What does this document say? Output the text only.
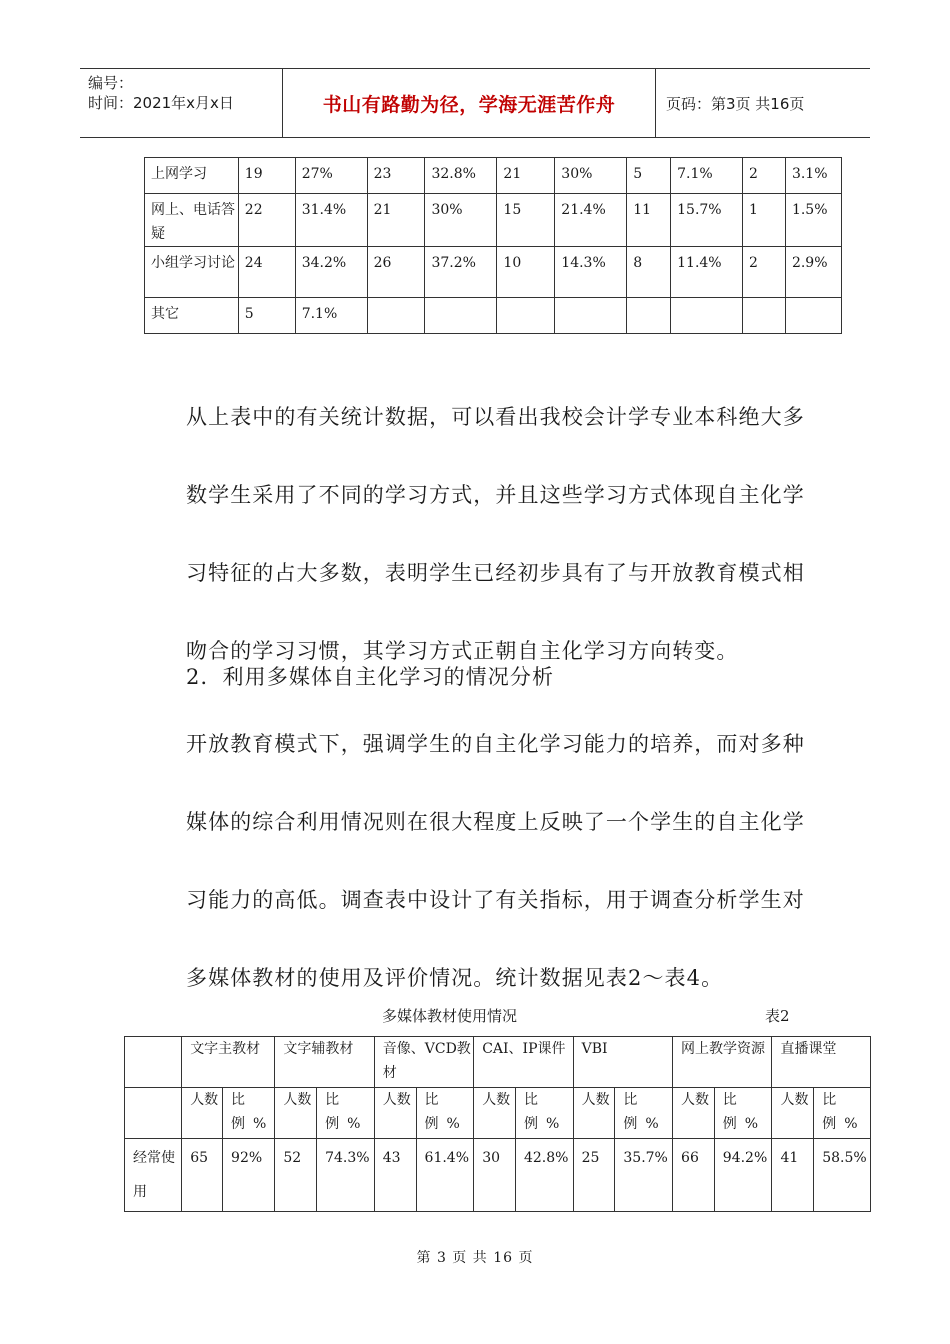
编号：
时间：2021年x月x日	书山有路勤为径，学海无涯苦作舟	页码：第3页 共16页
上网学习	19	27%	23	32.8%	21	30%	5	7.1%	2	3.1%
网上、电话答疑	22	31.4%	21	30%	15	21.4%	11	15.7%	1	1.5%
小组学习讨论	24	34.2%	26	37.2%	10	14.3%	8	11.4%	2	2.9%
其它	5	7.1%								
从上表中的有关统计数据，可以看出我校会计学专业本科绝大多数学生采用了不同的学习方式，并且这些学习方式体现自主化学习特征的占大多数，表明学生已经初步具有了与开放教育模式相吻合的学习习惯，其学习方式正朝自主化学习方向转变。
2．利用多媒体自主化学习的情况分析
开放教育模式下，强调学生的自主化学习能力的培养，而对多种媒体的综合利用情况则在很大程度上反映了一个学生的自主化学习能力的高低。调查表中设计了有关指标，用于调查分析学生对多媒体教材的使用及评价情况。统计数据见表2～表4。
多媒体教材使用情况	表2
	文字主教材		文字辅教材		音像、VCD教材		CAI、IP课件		VBI		网上教学资源		直播课堂	
	人数	比例%	人数	比例%	人数	比例%	人数	比例%	人数	比例%	人数	比例%	人数	比例%
经常使用	65	92%	52	74.3%	43	61.4%	30	42.8%	25	35.7%	66	94.2%	41	58.5%
第 3 页 共 16 页
